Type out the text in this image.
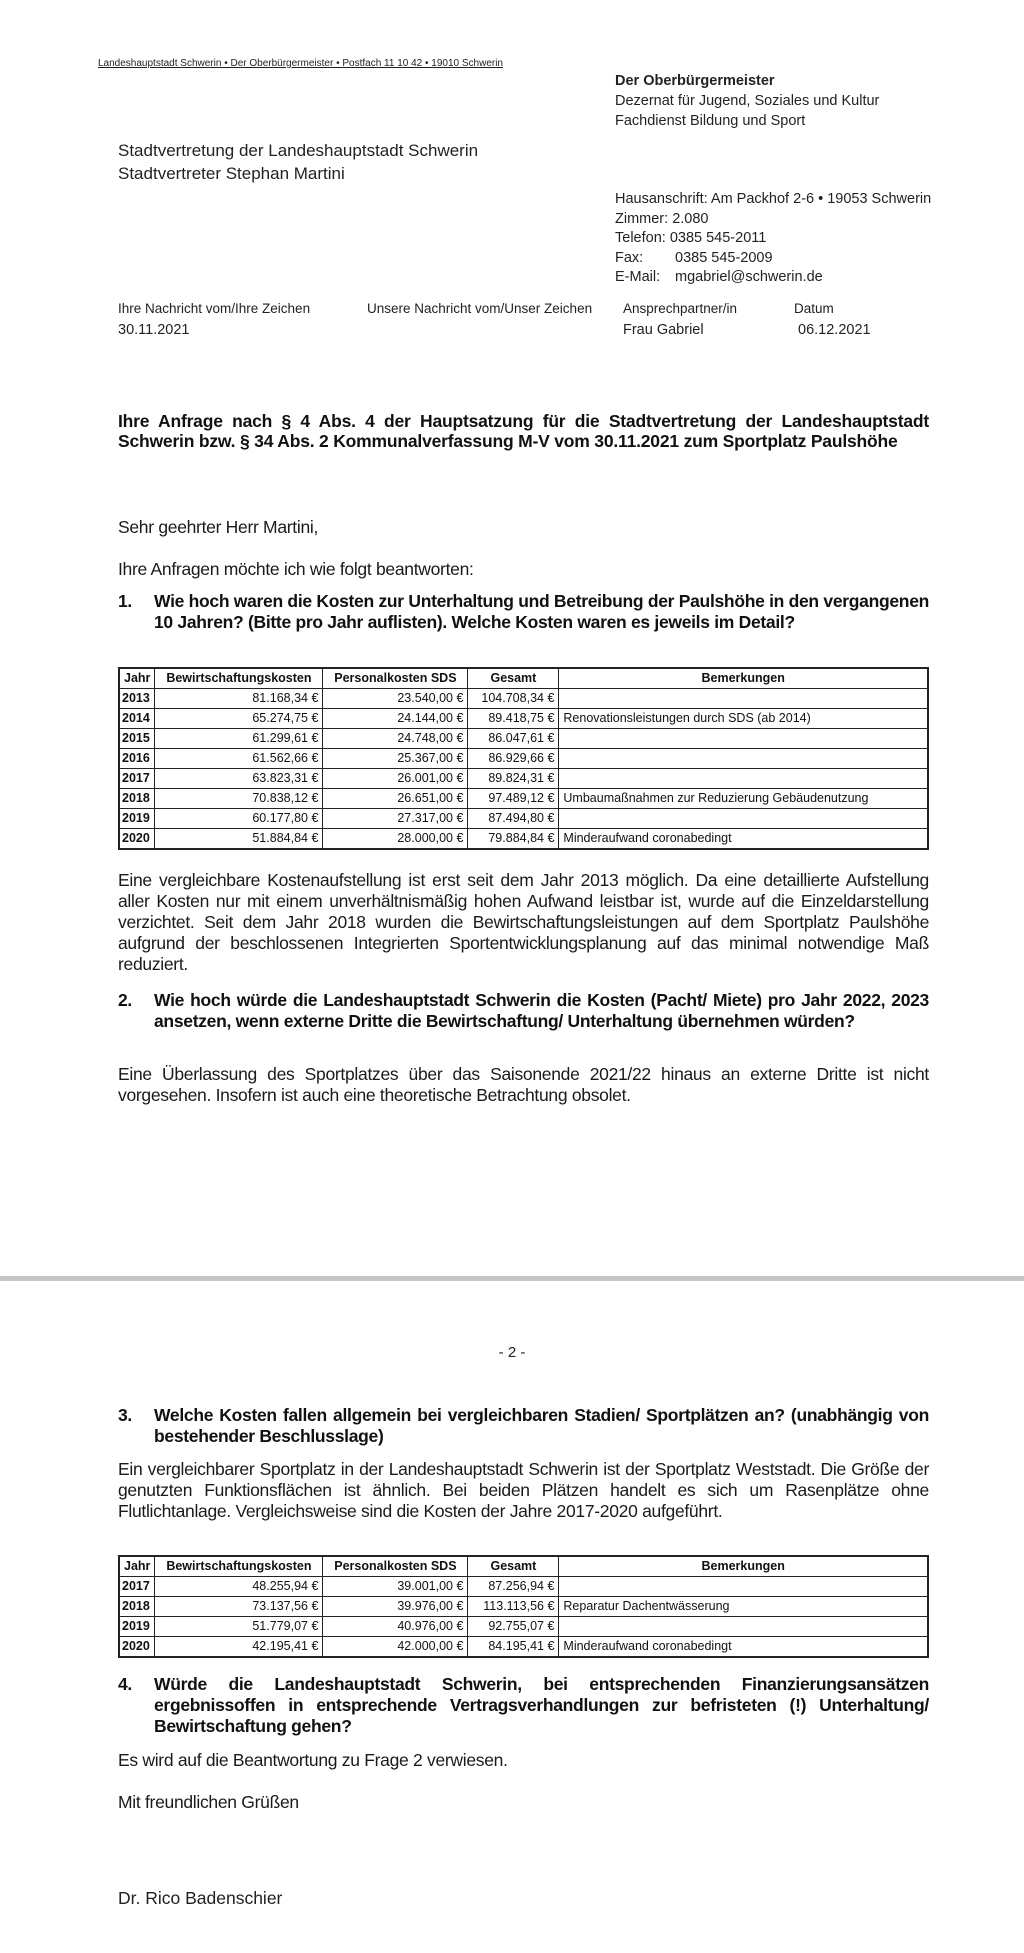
Landeshauptstadt Schwerin • Der Oberbürgermeister • Postfach 11 10 42 • 19010 Schwerin
Stadtvertretung der Landeshauptstadt Schwerin
Stadtvertreter Stephan Martini
Der Oberbürgermeister
Dezernat für Jugend, Soziales und Kultur
Fachdienst Bildung und Sport
Hausanschrift: Am Packhof 2-6 • 19053 Schwerin
Zimmer:
2.080
Telefon:
0385 545-2011
Fax:	0385 545-2009
E-Mail:	mgabriel@schwerin.de
Ihre Nachricht vom/Ihre Zeichen
30.11.2021
Unsere Nachricht vom/Unser Zeichen Ansprechpartner/in
Frau Gabriel
Datum
06.12.2021
Ihre Anfrage nach § 4 Abs. 4 der Hauptsatzung für die Stadtvertretung der Landeshauptstadt Schwerin bzw. § 34 Abs. 2 Kommunalverfassung M-V vom 30.11.2021 zum Sportplatz Paulshöhe
Sehr geehrter Herr Martini,
Ihre Anfragen möchte ich wie folgt beantworten:
1.	Wie hoch waren die Kosten zur Unterhaltung und Betreibung der Paulshöhe in den vergangenen 10 Jahren? (Bitte pro Jahr auflisten). Welche Kosten waren es jeweils im Detail?
Jahr	Bewirtschaftungskosten	Personalkosten SDS	Gesamt	Bemerkungen
2013	81.168,34 €	23.540,00 €	104.708,34 €	
2014	65.274,75 €	24.144,00 €	89.418,75 €	Renovationsleistungen durch SDS (ab 2014)
2015	61.299,61 €	24.748,00 €	86.047,61 €	
2016	61.562,66 €	25.367,00 €	86.929,66 €	
2017	63.823,31 €	26.001,00 €	89.824,31 €	
2018	70.838,12 €	26.651,00 €	97.489,12 €	Umbaumaßnahmen zur Reduzierung Gebäudenutzung
2019	60.177,80 €	27.317,00 €	87.494,80 €	
2020	51.884,84 €	28.000,00 €	79.884,84 €	Minderaufwand coronabedingt
Eine vergleichbare Kostenaufstellung ist erst seit dem Jahr 2013 möglich. Da eine detaillierte Aufstellung aller Kosten nur mit einem unverhältnismäßig hohen Aufwand leistbar ist, wurde auf die Einzeldarstellung verzichtet. Seit dem Jahr 2018 wurden die Bewirtschaftungsleistungen auf dem Sportplatz Paulshöhe aufgrund der beschlossenen Integrierten Sportentwicklungsplanung auf das minimal notwendige Maß reduziert.
2.	Wie hoch würde die Landeshauptstadt Schwerin die Kosten (Pacht/ Miete) pro Jahr 2022, 2023 ansetzen, wenn externe Dritte die Bewirtschaftung/ Unterhaltung übernehmen würden?
Eine Überlassung des Sportplatzes über das Saisonende 2021/22 hinaus an externe Dritte ist nicht vorgesehen. Insofern ist auch eine theoretische Betrachtung obsolet.
- 2 -
3.	Welche Kosten fallen allgemein bei vergleichbaren Stadien/ Sportplätzen an? (unabhängig von bestehender Beschlusslage)
Ein vergleichbarer Sportplatz in der Landeshauptstadt Schwerin ist der Sportplatz Weststadt. Die Größe der genutzten Funktionsflächen ist ähnlich. Bei beiden Plätzen handelt es sich um Rasenplätze ohne Flutlichtanlage. Vergleichsweise sind die Kosten der Jahre 2017-2020 aufgeführt.
Jahr	Bewirtschaftungskosten	Personalkosten SDS	Gesamt	Bemerkungen
2017	48.255,94 €	39.001,00 €	87.256,94 €	
2018	73.137,56 €	39.976,00 €	113.113,56 €	Reparatur Dachentwässerung
2019	51.779,07 €	40.976,00 €	92.755,07 €	
2020	42.195,41 €	42.000,00 €	84.195,41 €	Minderaufwand coronabedingt
4.	Würde die Landeshauptstadt Schwerin, bei entsprechenden Finanzierungsansätzen ergebnissoffen in entsprechende Vertragsverhandlungen zur befristeten (!) Unterhaltung/ Bewirtschaftung gehen?
Es wird auf die Beantwortung zu Frage 2 verwiesen.
Mit freundlichen Grüßen
Dr. Rico Badenschier
